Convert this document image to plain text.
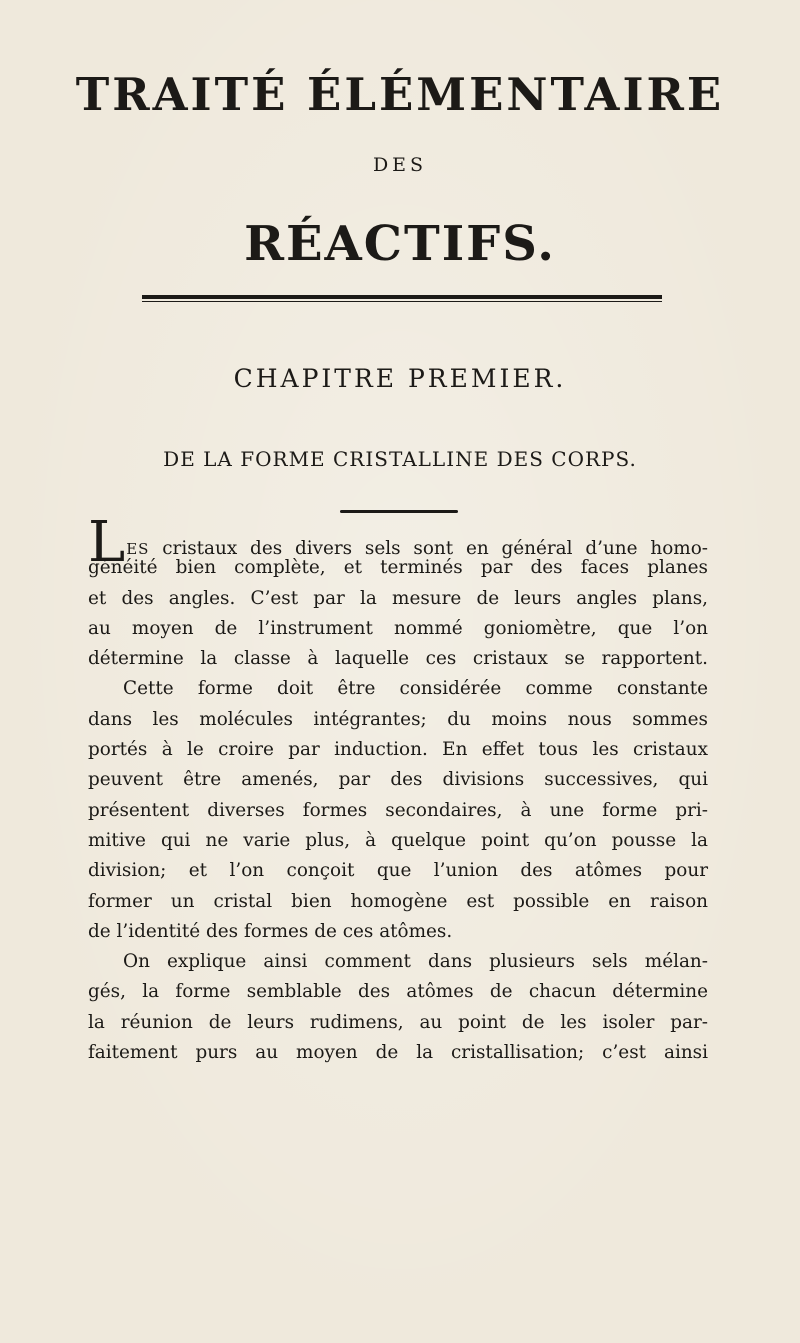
TRAITÉ ÉLÉMENTAIRE
DES
RÉACTIFS.
CHAPITRE PREMIER.
DE LA FORME CRISTALLINE DES CORPS.
LES cristaux des divers sels sont en général d’une homo-
généité bien complète, et terminés par des faces planes
et des angles. C’est par la mesure de leurs angles plans,
au moyen de l’instrument nommé goniomètre, que l’on
détermine la classe à laquelle ces cristaux se rapportent.
Cette forme doit être considérée comme constante
dans les molécules intégrantes; du moins nous sommes
portés à le croire par induction. En effet tous les cristaux
peuvent être amenés, par des divisions successives, qui
présentent diverses formes secondaires, à une forme pri-
mitive qui ne varie plus, à quelque point qu’on pousse la
division; et l’on conçoit que l’union des atômes pour
former un cristal bien homogène est possible en raison
de l’identité des formes de ces atômes.
On explique ainsi comment dans plusieurs sels mélan-
gés, la forme semblable des atômes de chacun détermine
la réunion de leurs rudimens, au point de les isoler par-
faitement purs au moyen de la cristallisation; c’est ainsi
